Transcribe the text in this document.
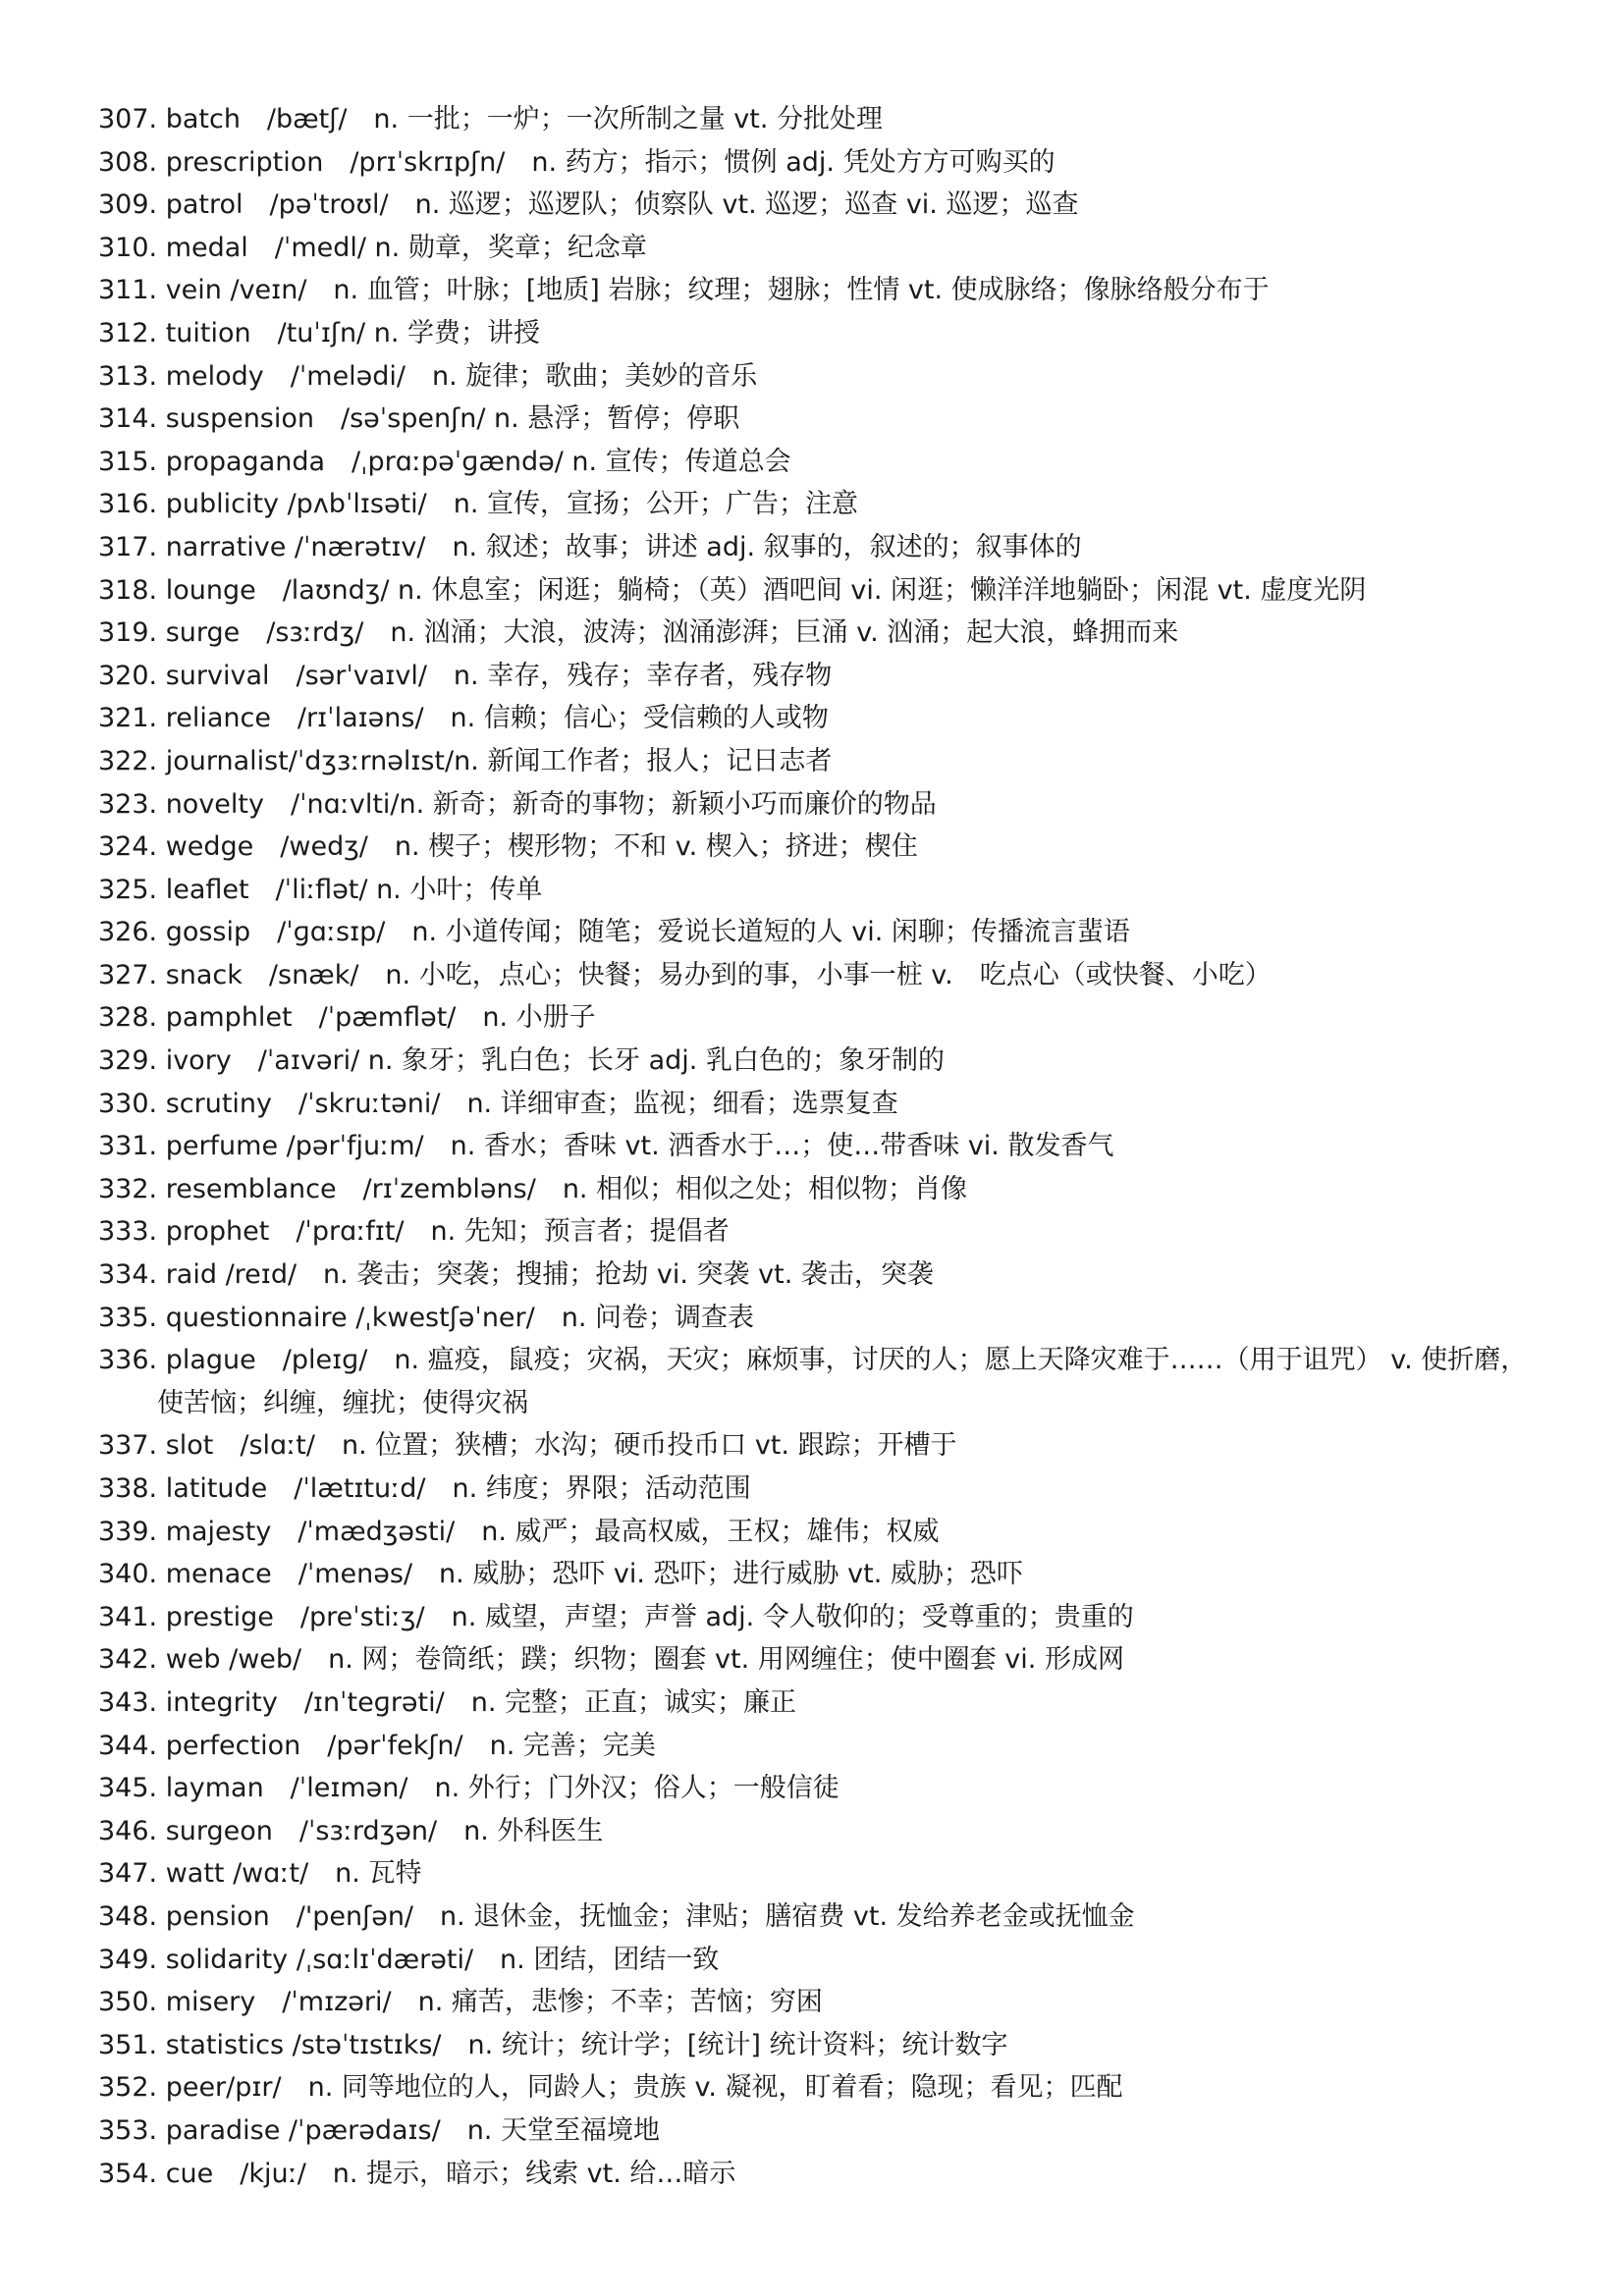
307. batch　/bætʃ/　n. 一批；一炉；一次所制之量 vt. 分批处理
308. prescription　/prɪˈskrɪpʃn/　n. 药方；指示；惯例 adj. 凭处方方可购买的
309. patrol　/pəˈtroʊl/　n. 巡逻；巡逻队；侦察队 vt. 巡逻；巡查 vi. 巡逻；巡查
310. medal　/ˈmedl/ n. 勋章，奖章；纪念章
311. vein /veɪn/　n. 血管；叶脉；[地质] 岩脉；纹理；翅脉；性情 vt. 使成脉络；像脉络般分布于
312. tuition　/tuˈɪʃn/ n. 学费；讲授
313. melody　/ˈmelədi/　n. 旋律；歌曲；美妙的音乐
314. suspension　/səˈspenʃn/ n. 悬浮；暂停；停职
315. propaganda　/ˌprɑːpəˈɡændə/ n. 宣传；传道总会
316. publicity /pʌbˈlɪsəti/　n. 宣传，宣扬；公开；广告；注意
317. narrative /ˈnærətɪv/　n. 叙述；故事；讲述 adj. 叙事的，叙述的；叙事体的
318. lounge　/laʊndʒ/ n. 休息室；闲逛；躺椅；（英）酒吧间 vi. 闲逛；懒洋洋地躺卧；闲混 vt. 虚度光阴
319. surge　/sɜːrdʒ/　n. 汹涌；大浪，波涛；汹涌澎湃；巨涌 v. 汹涌；起大浪，蜂拥而来
320. survival　/sərˈvaɪvl/　n. 幸存，残存；幸存者，残存物
321. reliance　/rɪˈlaɪəns/　n. 信赖；信心；受信赖的人或物
322. journalist/ˈdʒɜːrnəlɪst/n. 新闻工作者；报人；记日志者
323. novelty　/ˈnɑːvlti/n. 新奇；新奇的事物；新颖小巧而廉价的物品
324. wedge　/wedʒ/　n. 楔子；楔形物；不和 v. 楔入；挤进；楔住
325. leaflet　/ˈliːflət/ n. 小叶；传单
326. gossip　/ˈɡɑːsɪp/　n. 小道传闻；随笔；爱说长道短的人 vi. 闲聊；传播流言蜚语
327. snack　/snæk/　n. 小吃，点心；快餐；易办到的事，小事一桩 v.　吃点心（或快餐、小吃）
328. pamphlet　/ˈpæmflət/　n. 小册子
329. ivory　/ˈaɪvəri/ n. 象牙；乳白色；长牙 adj. 乳白色的；象牙制的
330. scrutiny　/ˈskruːtəni/　n. 详细审查；监视；细看；选票复查
331. perfume /pərˈfjuːm/　n. 香水；香味 vt. 洒香水于…；使…带香味 vi. 散发香气
332. resemblance　/rɪˈzembləns/　n. 相似；相似之处；相似物；肖像
333. prophet　/ˈprɑːfɪt/　n. 先知；预言者；提倡者
334. raid /reɪd/　n. 袭击；突袭；搜捕；抢劫 vi. 突袭 vt. 袭击，突袭
335. questionnaire /ˌkwestʃəˈner/　n. 问卷；调查表
336. plague　/pleɪɡ/　n. 瘟疫，鼠疫；灾祸，天灾；麻烦事，讨厌的人；愿上天降灾难于……（用于诅咒） v. 使折磨，使苦恼；纠缠，缠扰；使得灾祸
337. slot　/slɑːt/　n. 位置；狭槽；水沟；硬币投币口 vt. 跟踪；开槽于
338. latitude　/ˈlætɪtuːd/　n. 纬度；界限；活动范围
339. majesty　/ˈmædʒəsti/　n. 威严；最高权威，王权；雄伟；权威
340. menace　/ˈmenəs/　n. 威胁；恐吓 vi. 恐吓；进行威胁 vt. 威胁；恐吓
341. prestige　/preˈstiːʒ/　n. 威望，声望；声誉 adj. 令人敬仰的；受尊重的；贵重的
342. web /web/　n. 网；卷筒纸；蹼；织物；圈套 vt. 用网缠住；使中圈套 vi. 形成网
343. integrity　/ɪnˈteɡrəti/　n. 完整；正直；诚实；廉正
344. perfection　/pərˈfekʃn/　n. 完善；完美
345. layman　/ˈleɪmən/　n. 外行；门外汉；俗人；一般信徒
346. surgeon　/ˈsɜːrdʒən/　n. 外科医生
347. watt /wɑːt/　n. 瓦特
348. pension　/'penʃən/　n. 退休金，抚恤金；津贴；膳宿费 vt. 发给养老金或抚恤金
349. solidarity /ˌsɑːlɪˈdærəti/　n. 团结，团结一致
350. misery　/ˈmɪzəri/　n. 痛苦，悲惨；不幸；苦恼；穷困
351. statistics /stəˈtɪstɪks/　n. 统计；统计学；[统计] 统计资料；统计数字
352. peer/pɪr/　n. 同等地位的人，同龄人；贵族 v. 凝视，盯着看；隐现；看见；匹配
353. paradise /ˈpærədaɪs/　n. 天堂至福境地
354. cue　/kjuː/　n. 提示，暗示；线索 vt. 给…暗示
